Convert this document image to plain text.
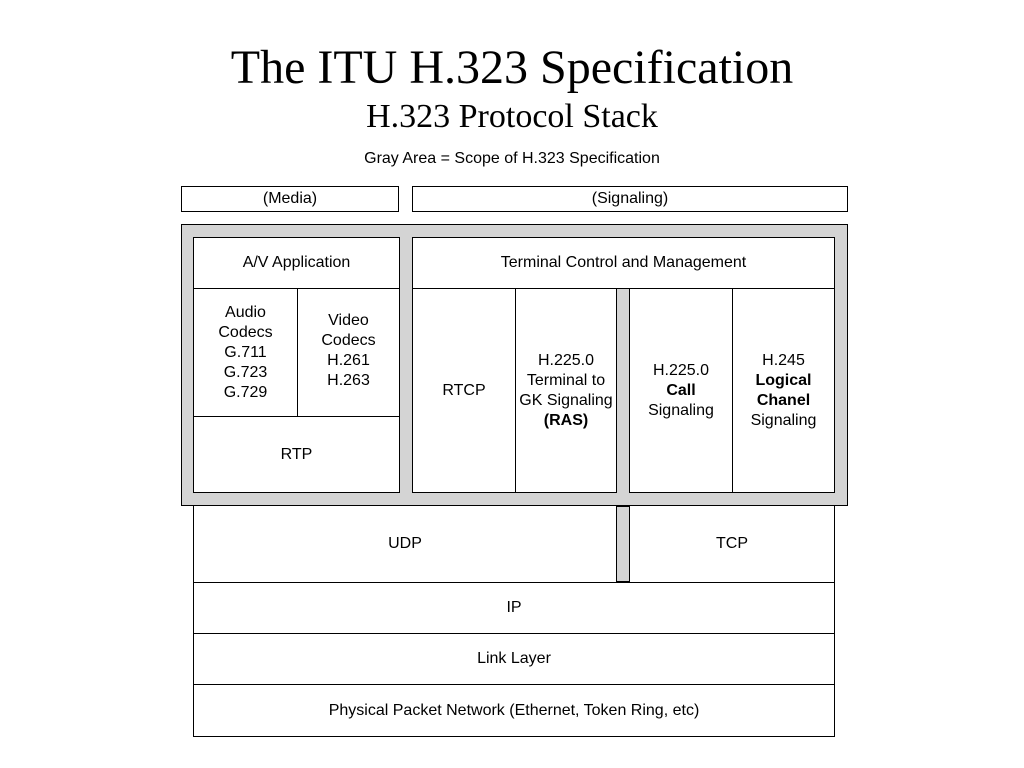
The ITU H.323 Specification
H.323 Protocol Stack
Gray Area = Scope of H.323 Specification
(Media)	(Signaling)
A/V Application
Audio
Codecs
G.711
G.723
G.729
Video
Codecs
H.261
H.263
RTP
Terminal Control and Management
RTCP
H.225.0
Terminal to
GK Signaling
(RAS)
H.225.0
Call
Signaling
H.245
Logical
Chanel
Signaling
UDP	TCP
IP
Link Layer
Physical Packet Network (Ethernet, Token Ring, etc)
